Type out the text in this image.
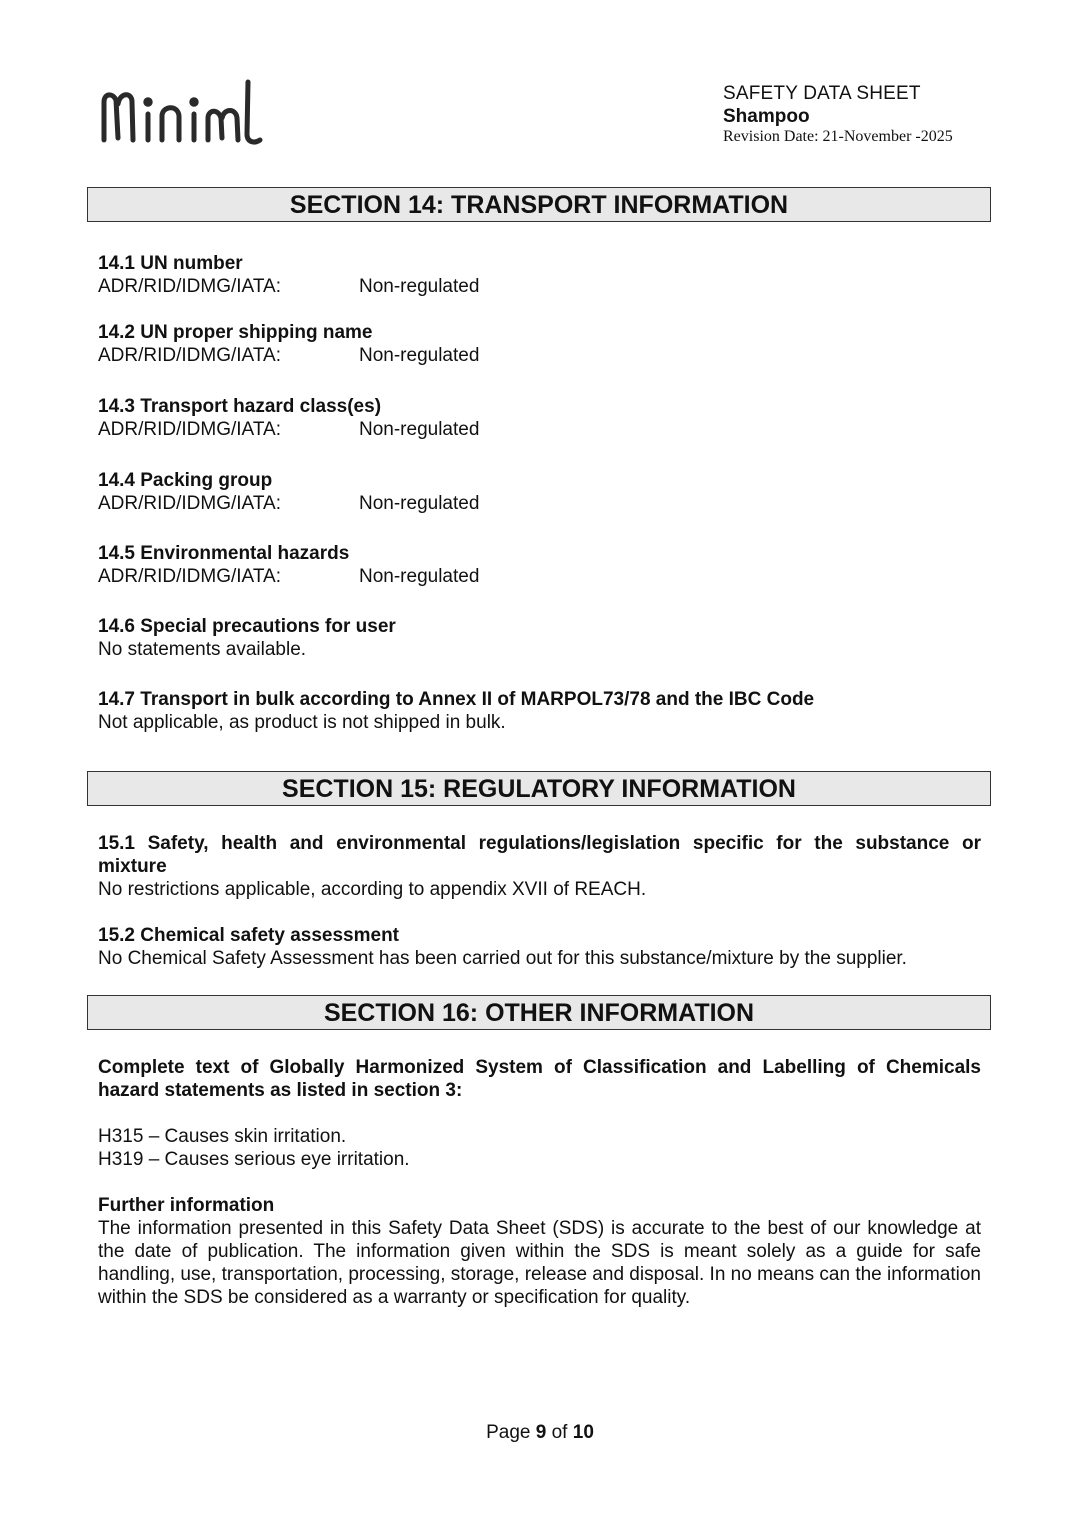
SAFETY DATA SHEET
Shampoo
Revision Date: 21-November -2025
SECTION 14: TRANSPORT INFORMATION
14.1 UN number
ADR/RID/IDMG/IATA:	Non-regulated
14.2 UN proper shipping name
ADR/RID/IDMG/IATA:	Non-regulated
14.3 Transport hazard class(es)
ADR/RID/IDMG/IATA:	Non-regulated
14.4 Packing group
ADR/RID/IDMG/IATA:	Non-regulated
14.5 Environmental hazards
ADR/RID/IDMG/IATA:	Non-regulated
14.6 Special precautions for user
No statements available.
14.7 Transport in bulk according to Annex II of MARPOL73/78 and the IBC Code
Not applicable, as product is not shipped in bulk.
SECTION 15: REGULATORY INFORMATION
15.1 Safety, health and environmental regulations/legislation specific for the substance or mixture
No restrictions applicable, according to appendix XVII of REACH.
15.2 Chemical safety assessment
No Chemical Safety Assessment has been carried out for this substance/mixture by the supplier.
SECTION 16: OTHER INFORMATION
Complete text of Globally Harmonized System of Classification and Labelling of Chemicals hazard statements as listed in section 3:
H315 – Causes skin irritation.
H319 – Causes serious eye irritation.
Further information
The information presented in this Safety Data Sheet (SDS) is accurate to the best of our knowledge at the date of publication. The information given within the SDS is meant solely as a guide for safe handling, use, transportation, processing, storage, release and disposal. In no means can the information within the SDS be considered as a warranty or specification for quality.
Page 9 of 10
